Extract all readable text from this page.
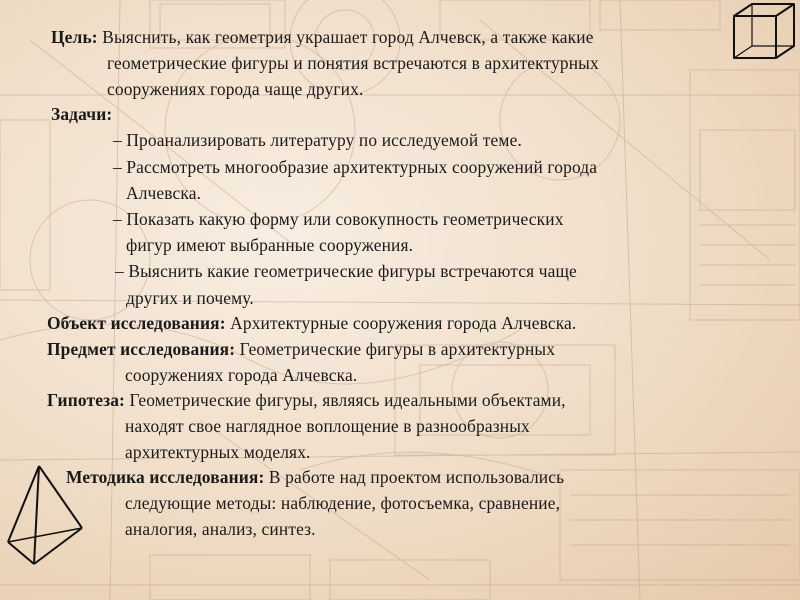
Цель: Выяснить, как геометрия украшает город Алчевск, а также какие

геометрические фигуры и понятия встречаются в архитектурных

сооружениях города чаще других.

Задачи:

– Проанализировать литературу по исследуемой теме.

– Рассмотреть многообразие архитектурных сооружений города

Алчевска.

– Показать какую форму или совокупность геометрических

фигур имеют выбранные сооружения.

– Выяснить какие геометрические фигуры встречаются чаще

других и почему.

Объект исследования: Архитектурные сооружения города Алчевска.

Предмет исследования: Геометрические фигуры в архитектурных

сооружениях города Алчевска.

Гипотеза: Геометрические фигуры, являясь идеальными объектами,

находят свое наглядное воплощение в разнообразных

архитектурных моделях.

Методика исследования: В работе над проектом использовались

следующие методы: наблюдение, фотосъемка, сравнение,

аналогия, анализ, синтез.
